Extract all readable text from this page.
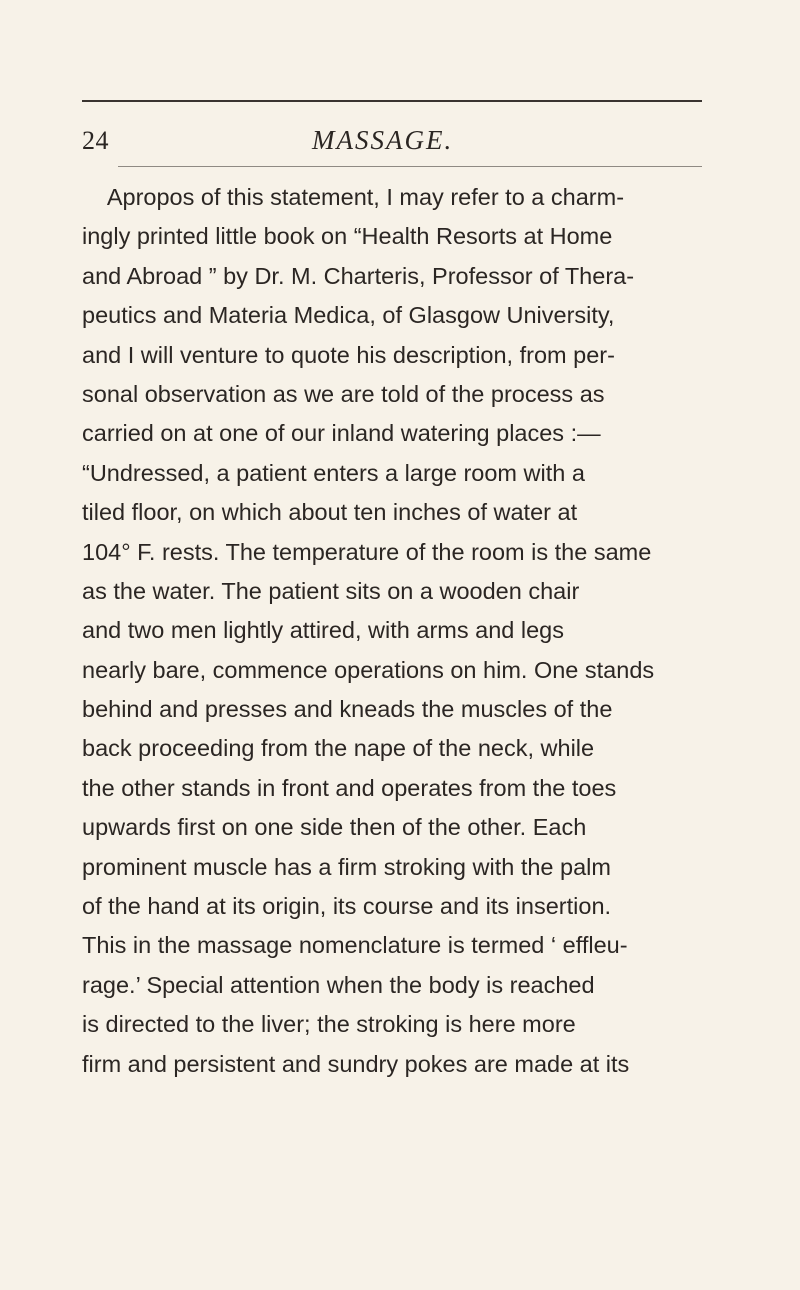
24	MASSAGE.
Apropos of this statement, I may refer to a charm-
ingly printed little book on “Health Resorts at Home
and Abroad ” by Dr. M. Charteris, Professor of Thera-
peutics and Materia Medica, of Glasgow University,
and I will venture to quote his description, from per-
sonal observation as we are told of the process as
carried on at one of our inland watering places :—
“Undressed, a patient enters a large room with a
tiled floor, on which about ten inches of water at
104° F. rests. The temperature of the room is the same
as the water. The patient sits on a wooden chair
and two men lightly attired, with arms and legs
nearly bare, commence operations on him. One stands
behind and presses and kneads the muscles of the
back proceeding from the nape of the neck, while
the other stands in front and operates from the toes
upwards first on one side then of the other. Each
prominent muscle has a firm stroking with the palm
of the hand at its origin, its course and its insertion.
This in the massage nomenclature is termed ‘ effleu-
rage.’ Special attention when the body is reached
is directed to the liver; the stroking is here more
firm and persistent and sundry pokes are made at its
